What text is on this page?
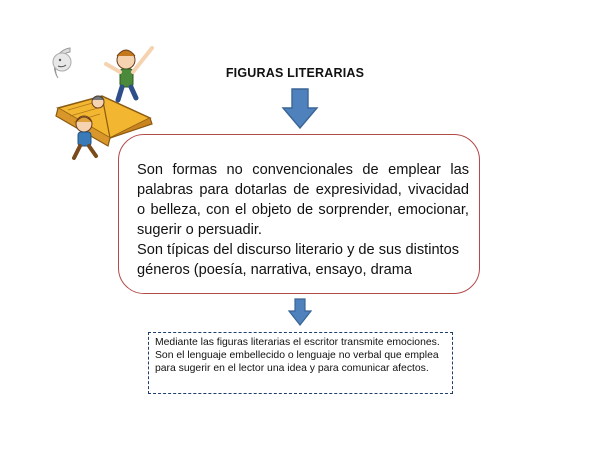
FIGURAS LITERARIAS

Son formas no convencionales de emplear las palabras para dotarlas de expresividad, vivacidad o belleza, con el objeto de sorprender, emocionar, sugerir o persuadir.

Son típicas del discurso literario y de sus distintos géneros (poesía, narrativa, ensayo, drama

Mediante las figuras literarias el escritor transmite emociones. Son el lenguaje embellecido o lenguaje no verbal que emplea para sugerir en el lector una idea y para comunicar afectos.
